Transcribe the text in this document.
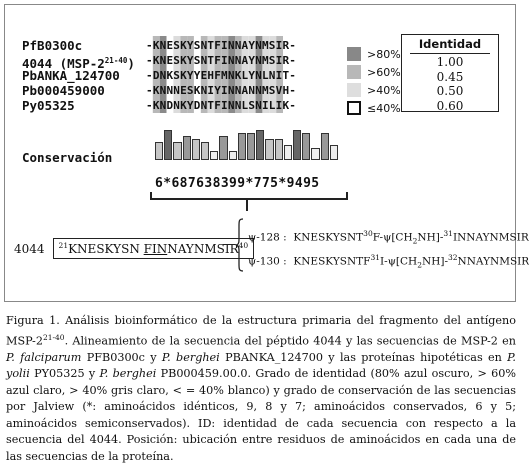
PfB0300c
4044 (MSP-2$^{21-40}$)
PbANKA_124700
Pb000459000
Py05325
-KNESKYSNTFINNAYNMSIR-
-KNESKYSNTFINNAYNMSIR-
-DNKSKYYEHFMNKLYNLNIT-
-KNNNESKNIYINNANNMSVH-
-KNDNKYDNTFINNLSNILIK-
>80%
>60%
>40%
≤40%
Identidad
1.00
0.45
0.50
0.60
Conservación
6*687638399*775*9495
4044	$^{21}$KNESKYSN FINNAYNMSIR$^{40}$
ψ-128 : $KNESKYSNT^{30}F-\psi[CH_2NH]-^{31}INNAYNMSIR$
ψ-130 : $KNESKYSNTF^{31}I-\psi[CH_2NH]-^{32}NNAYNMSIR$
Figura 1. Análisis bioinformático de la estructura primaria del fragmento del antígeno MSP-2$^{21-40}$. Alineamiento de la secuencia del péptido 4044 y las secuencias de MSP-2 en P. falciparum PFB0300c y P. berghei PBANKA_124700 y las proteínas hipotéticas en P. yolii PY05325 y P. berghei PB000459.00.0. Grado de identidad (80% azul oscuro, > 60% azul claro, > 40% gris claro, < = 40% blanco) y grado de conservación de las secuencias por Jalview (*: aminoácidos idénticos, 9, 8 y 7; aminoácidos conservados, 6 y 5; aminoácidos semiconservados). ID: identidad de cada secuencia con respecto a la secuencia del 4044. Posición: ubicación entre residuos de aminoácidos en cada una de las secuencias de la proteína.
